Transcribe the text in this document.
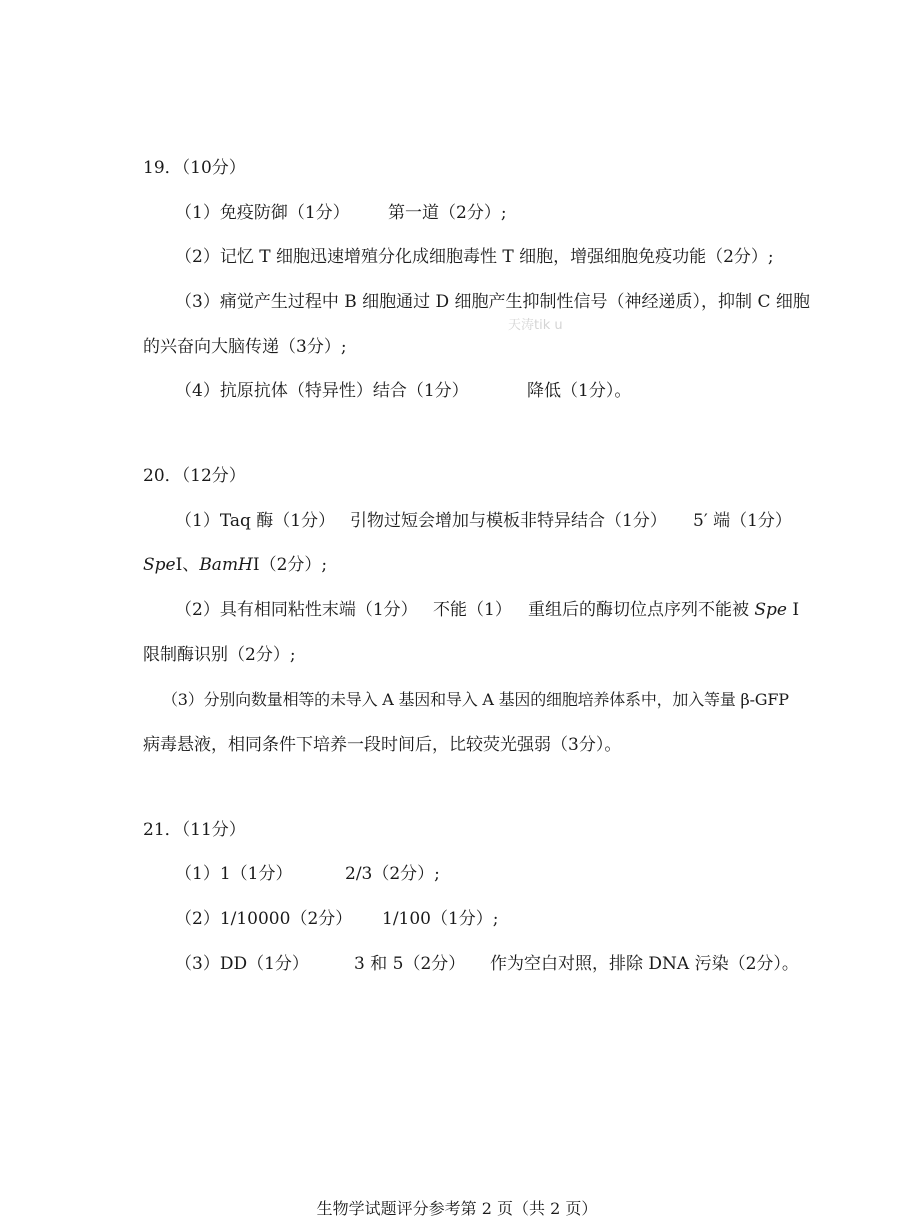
19．（10分）
（1）免疫防御（1分） 第一道（2分）;
（2）记忆 T 细胞迅速增殖分化成细胞毒性 T 细胞，增强细胞免疫功能（2分）;
（3）痛觉产生过程中 B 细胞通过 D 细胞产生抑制性信号（神经递质），抑制 C 细胞
天涛tik u
的兴奋向大脑传递（3分）;
（4）抗原抗体（特异性）结合（1分）	降低（1分）。
20．（12分）
（1）Taq 酶（1分） 引物过短会增加与模板非特异结合（1分） 5′ 端（1分）
SpeⅠ、BamHⅠ（2分）;
（2）具有相同粘性末端（1分） 不能（1） 重组后的酶切位点序列不能被 Spe Ⅰ
限制酶识别（2分）;
（3）分别向数量相等的未导入 A 基因和导入 A 基因的细胞培养体系中，加入等量 β-GFP
病毒悬液，相同条件下培养一段时间后，比较荧光强弱（3分）。
21．（11分）
（1）1（1分）	2/3（2分）;
（2）1/10000（2分） 1/100（1分）;
（3）DD（1分）	3 和 5（2分） 作为空白对照，排除 DNA 污染（2分）。
生物学试题评分参考第 2 页（共 2 页）
